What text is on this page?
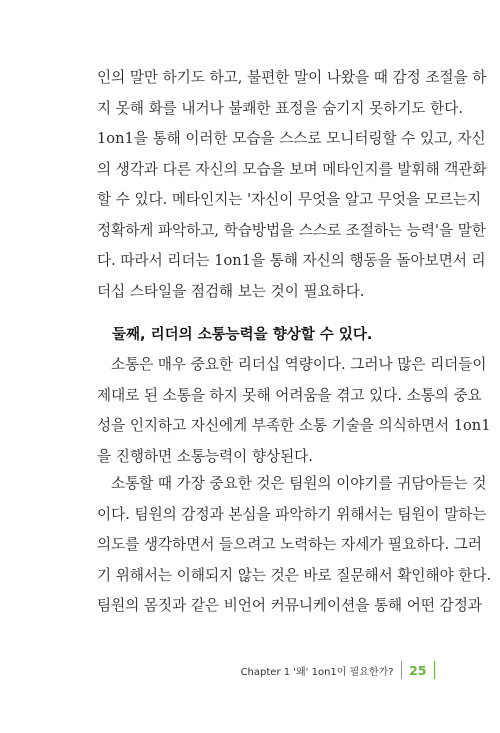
인의 말만 하기도 하고, 불편한 말이 나왔을 때 감정 조절을 하
지 못해 화를 내거나 불쾌한 표정을 숨기지 못하기도 한다.
1on1을 통해 이러한 모습을 스스로 모니터링할 수 있고, 자신
의 생각과 다른 자신의 모습을 보며 메타인지를 발휘해 객관화
할 수 있다. 메타인지는 '자신이 무엇을 알고 무엇을 모르는지
정확하게 파악하고, 학습방법을 스스로 조절하는 능력'을 말한
다. 따라서 리더는 1on1을 통해 자신의 행동을 돌아보면서 리
더십 스타일을 점검해 보는 것이 필요하다.
둘째, 리더의 소통능력을 향상할 수 있다.
소통은 매우 중요한 리더십 역량이다. 그러나 많은 리더들이
제대로 된 소통을 하지 못해 어려움을 겪고 있다. 소통의 중요
성을 인지하고 자신에게 부족한 소통 기술을 의식하면서 1on1
을 진행하면 소통능력이 향상된다.
소통할 때 가장 중요한 것은 팀원의 이야기를 귀담아듣는 것
이다. 팀원의 감정과 본심을 파악하기 위해서는 팀원이 말하는
의도를 생각하면서 들으려고 노력하는 자세가 필요하다. 그러
기 위해서는 이해되지 않는 것은 바로 질문해서 확인해야 한다.
팀원의 몸짓과 같은 비언어 커뮤니케이션을 통해 어떤 감정과
Chapter 1 '왜' 1on1이 필요한가? 25
